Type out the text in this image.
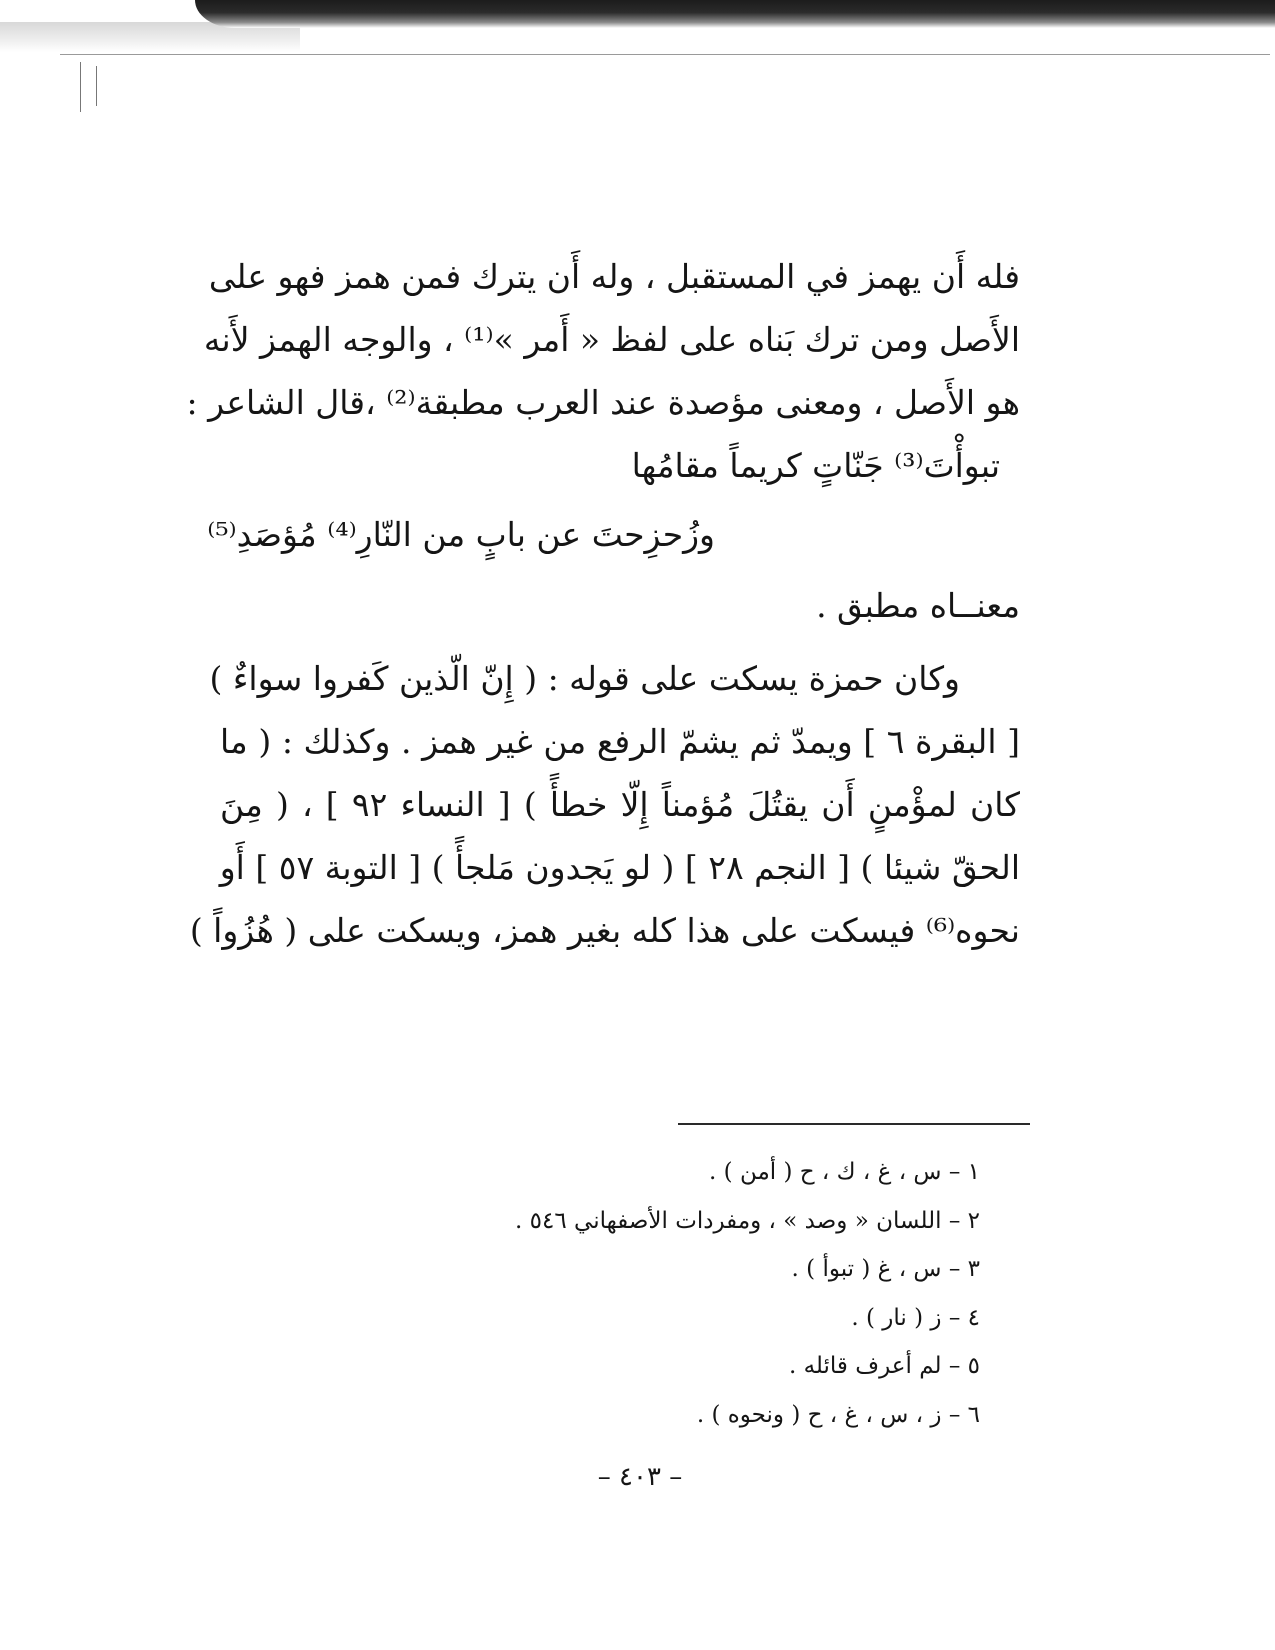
فله أَن يهمز في المستقبل ، وله أَن يترك فمن همز فهو على

الأَصل ومن ترك بَناه على لفظ « أَمر »⁽¹⁾ ، والوجه الهمز لأَنه

هو الأَصل ، ومعنى مؤصدة عند العرب مطبقة⁽²⁾ ،قال الشاعر :

تبوأْتَ⁽³⁾ جَنّاتٍ كريماً مقامُها

وزُحزِحتَ عن بابٍ من النّارِ⁽⁴⁾ مُؤصَدِ⁽⁵⁾

معنــاه مطبق .

وكان حمزة يسكت على قوله : ( إِنّ الّذين كَفروا سواءٌ )

[ البقرة ٦ ] ويمدّ ثم يشمّ الرفع من غير همز . وكذلك : ( ما

كان لمؤْمنٍ أَن يقتُلَ مُؤمناً إِلّا خطأً ) [ النساء ٩٢ ] ، ( مِنَ

الحقّ شيئا ) [ النجم ٢٨ ] ( لو يَجدون مَلجأً ) [ التوبة ٥٧ ] أَو

نحوه⁽⁶⁾ فيسكت على هذا كله بغير همز، ويسكت على ( هُزُواً )

١ – س ، غ ، ك ، ح ( أمن ) .

٢ – اللسان « وصد » ، ومفردات الأصفهاني ٥٤٦ .

٣ – س ، غ ( تبوأ ) .

٤ – ز ( نار ) .

٥ – لم أعرف قائله .

٦ – ز ، س ، غ ، ح ( ونحوه ) .

– ٤٠٣ –
